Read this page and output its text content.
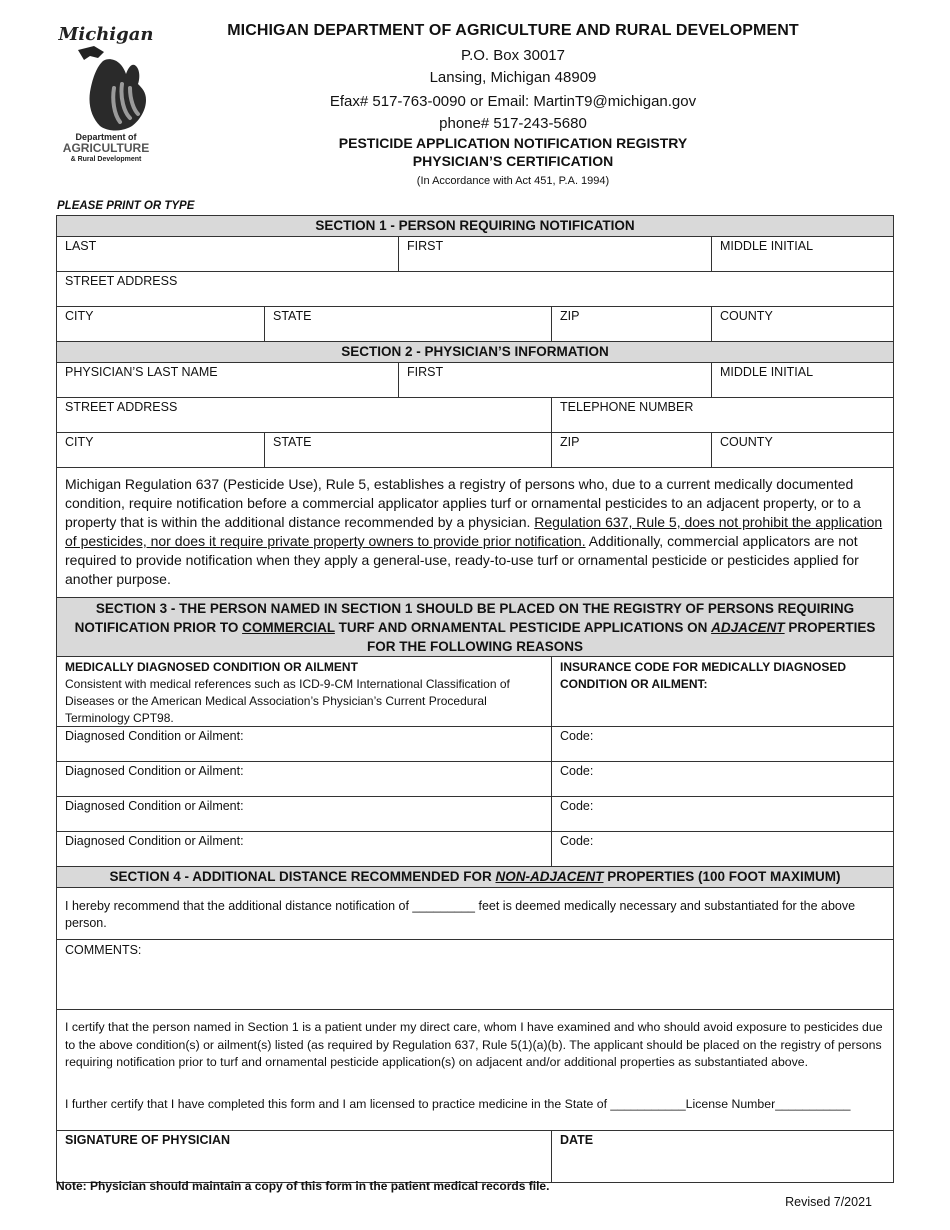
Michigan
Department of
AGRICULTURE
& Rural Development
MICHIGAN DEPARTMENT OF AGRICULTURE AND RURAL DEVELOPMENT
P.O. Box 30017
Lansing, Michigan 48909
Efax# 517-763-0090 or Email: MartinT9@michigan.gov
phone# 517-243-5680
PESTICIDE APPLICATION NOTIFICATION REGISTRY
PHYSICIAN’S CERTIFICATION
(In Accordance with Act 451, P.A. 1994)
PLEASE PRINT OR TYPE
SECTION 1 - PERSON REQUIRING NOTIFICATION
LAST	FIRST	MIDDLE INITIAL
STREET ADDRESS
CITY	STATE	ZIP	COUNTY
SECTION 2 - PHYSICIAN’S INFORMATION
PHYSICIAN’S LAST NAME	FIRST	MIDDLE INITIAL
STREET ADDRESS	TELEPHONE NUMBER
CITY	STATE	ZIP	COUNTY
Michigan Regulation 637 (Pesticide Use), Rule 5, establishes a registry of persons who, due to a current medically documented condition, require notification before a commercial applicator applies turf or ornamental pesticides to an adjacent property, or to a property that is within the additional distance recommended by a physician. Regulation 637, Rule 5, does not prohibit the application of pesticides, nor does it require private property owners to provide prior notification. Additionally, commercial applicators are not required to provide notification when they apply a general-use, ready-to-use turf or ornamental pesticide or pesticides applied for another purpose.
SECTION 3 - THE PERSON NAMED IN SECTION 1 SHOULD BE PLACED ON THE REGISTRY OF PERSONS REQUIRING NOTIFICATION PRIOR TO COMMERCIAL TURF AND ORNAMENTAL PESTICIDE APPLICATIONS ON ADJACENT PROPERTIES FOR THE FOLLOWING REASONS
MEDICALLY DIAGNOSED CONDITION OR AILMENT
Consistent with medical references such as ICD-9-CM International Classification of Diseases or the American Medical Association’s Physician’s Current Procedural Terminology CPT98.
INSURANCE CODE FOR MEDICALLY DIAGNOSED CONDITION OR AILMENT:
Diagnosed Condition or Ailment:	Code:
Diagnosed Condition or Ailment:	Code:
Diagnosed Condition or Ailment:	Code:
Diagnosed Condition or Ailment:	Code:
SECTION 4 - ADDITIONAL DISTANCE RECOMMENDED FOR NON-ADJACENT PROPERTIES (100 FOOT MAXIMUM)
I hereby recommend that the additional distance notification of _________ feet is deemed medically necessary and substantiated for the above person.
COMMENTS:
I certify that the person named in Section 1 is a patient under my direct care, whom I have examined and who should avoid exposure to pesticides due to the above condition(s) or ailment(s) listed (as required by Regulation 637, Rule 5(1)(a)(b). The applicant should be placed on the registry of persons requiring notification prior to turf and ornamental pesticide application(s) on adjacent and/or additional properties as substantiated above.
I further certify that I have completed this form and I am licensed to practice medicine in the State of ___________License Number___________
SIGNATURE OF PHYSICIAN	DATE
Note: Physician should maintain a copy of this form in the patient medical records file.
Revised 7/2021
